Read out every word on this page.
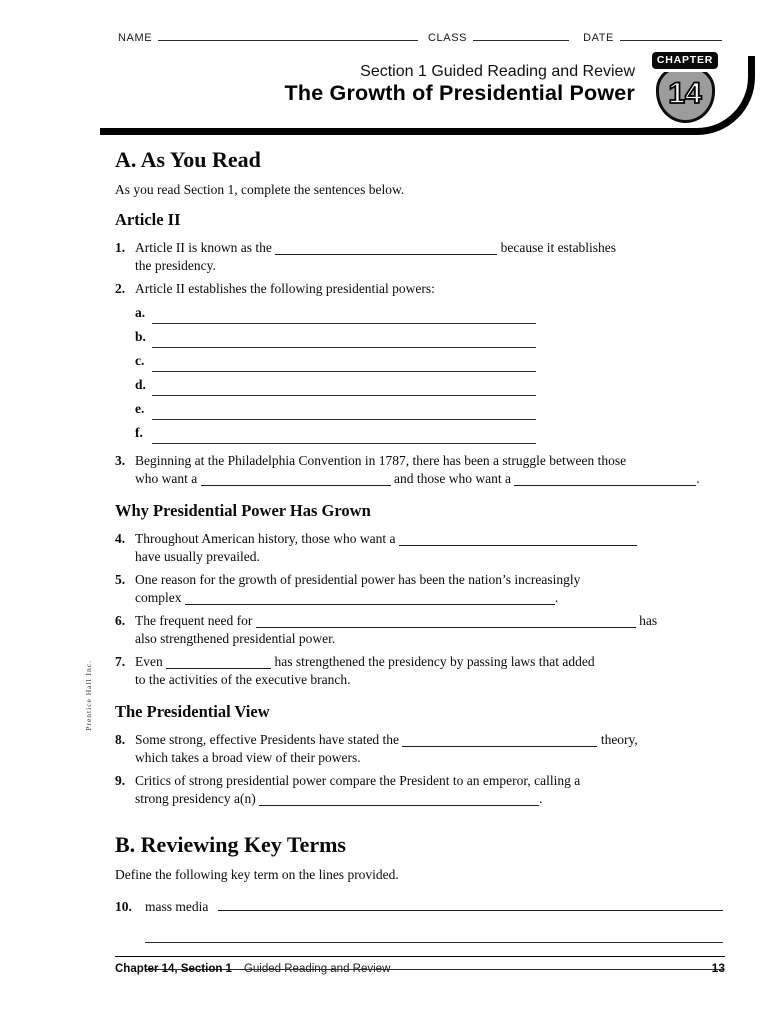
NAME	CLASS	DATE
Section 1 Guided Reading and Review
The Growth of Presidential Power
CHAPTER
14
A. As You Read
As you read Section 1, complete the sentences below.
Article II
1. Article II is known as the	because it establishes
the presidency.
2. Article II establishes the following presidential powers:
a.
b.
c.
d.
e.
f.
3. Beginning at the Philadelphia Convention in 1787, there has been a struggle between those
who want a	and those who want a	.
Why Presidential Power Has Grown
4. Throughout American history, those who want a
have usually prevailed.
5. One reason for the growth of presidential power has been the nation’s increasingly
complex	.
6. The frequent need for	has
also strengthened presidential power.
7. Even	has strengthened the presidency by passing laws that added
to the activities of the executive branch.
The Presidential View
8. Some strong, effective Presidents have stated the	theory,
which takes a broad view of their powers.
9. Critics of strong presidential power compare the President to an emperor, calling a
strong presidency a(n)	.
B. Reviewing Key Terms
Define the following key term on the lines provided.
10. mass media
Prentice Hall Inc.
Chapter 14, Section 1 Guided Reading and Review	13
